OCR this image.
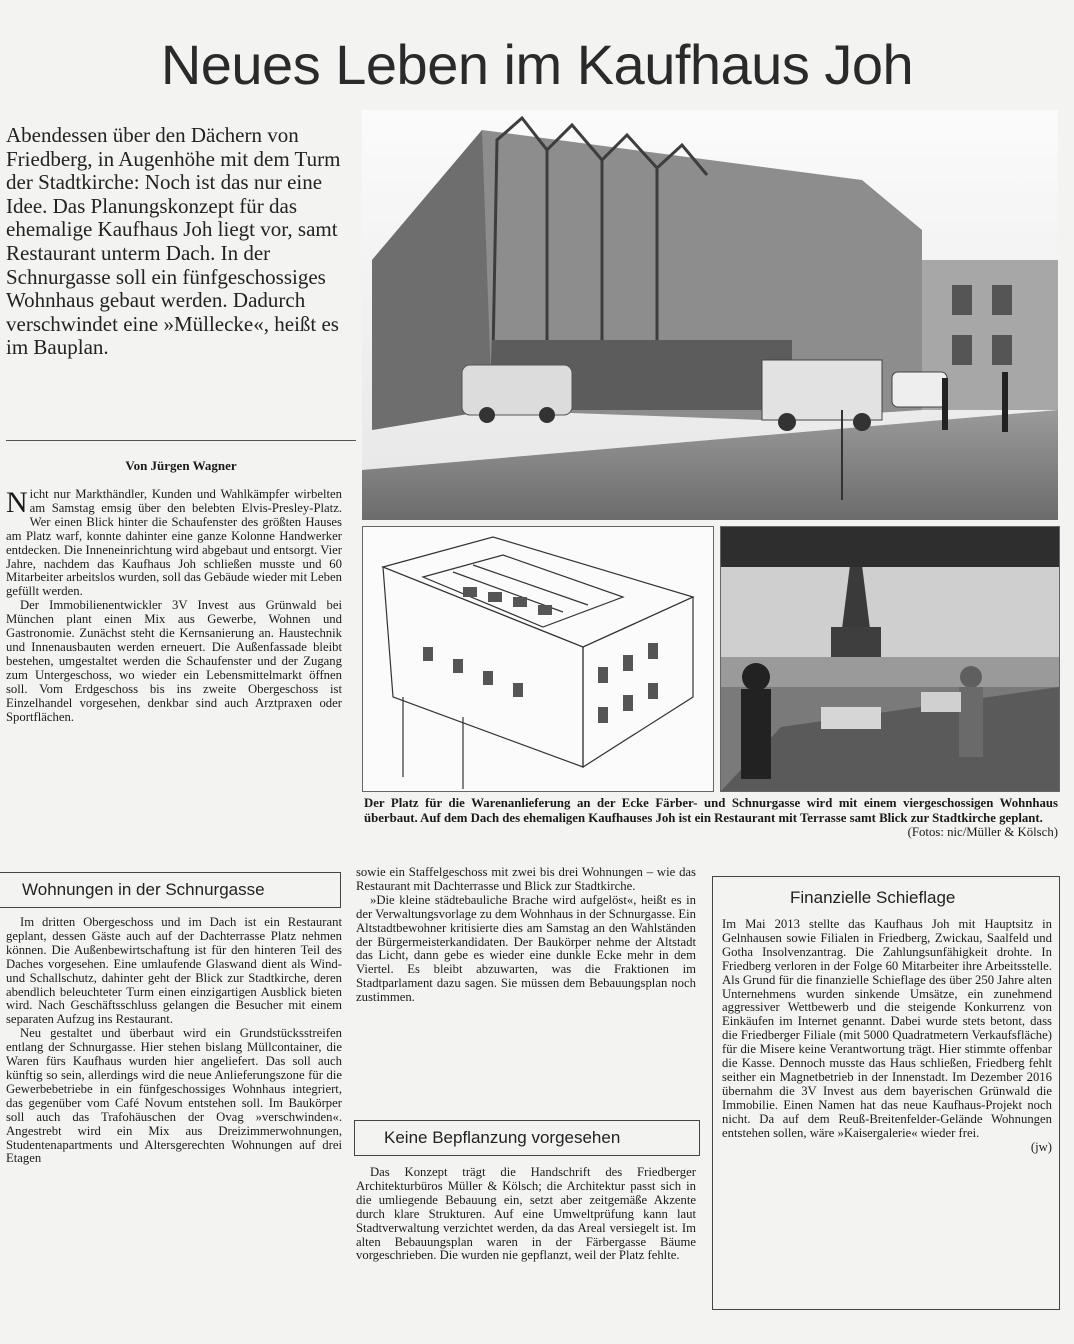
Neues Leben im Kaufhaus Joh

Abendessen über den Dächern von Friedberg, in Augenhöhe mit dem Turm der Stadtkirche: Noch ist das nur eine Idee. Das Planungskonzept für das ehemalige Kaufhaus Joh liegt vor, samt Restaurant unterm Dach. In der Schnurgasse soll ein fünfgeschossiges Wohnhaus gebaut werden. Dadurch verschwindet eine »Müllecke«, heißt es im Bauplan.

Von Jürgen Wagner
Der Platz für die Warenanlieferung an der Ecke Färber- und Schnurgasse wird mit einem viergeschossigen Wohnhaus überbaut. Auf dem Dach des ehemaligen Kaufhauses Joh ist ein Restaurant mit Terrasse samt Blick zur Stadtkirche geplant.
(Fotos: nic/Müller & Kölsch)

Nicht nur Markthändler, Kunden und Wahlkämpfer wirbelten am Samstag emsig über den belebten Elvis-Presley-Platz. Wer einen Blick hinter die Schaufenster des größten Hauses am Platz warf, konnte dahinter eine ganze Kolonne Handwerker entdecken. Die Inneneinrichtung wird abgebaut und entsorgt. Vier Jahre, nachdem das Kaufhaus Joh schließen musste und 60 Mitarbeiter arbeitslos wurden, soll das Gebäude wieder mit Leben gefüllt werden.

Der Immobilienentwickler 3V Invest aus Grünwald bei München plant einen Mix aus Gewerbe, Wohnen und Gastronomie. Zunächst steht die Kernsanierung an. Haustechnik und Innenausbauten werden erneuert. Die Außenfassade bleibt bestehen, umgestaltet werden die Schaufenster und der Zugang zum Untergeschoss, wo wieder ein Lebensmittelmarkt öffnen soll. Vom Erdgeschoss bis ins zweite Obergeschoss ist Einzelhandel vorgesehen, denkbar sind auch Arztpraxen oder Sportflächen.

Wohnungen in der Schnurgasse

Im dritten Obergeschoss und im Dach ist ein Restaurant geplant, dessen Gäste auch auf der Dachterrasse Platz nehmen können. Die Außenbewirtschaftung ist für den hinteren Teil des Daches vorgesehen. Eine umlaufende Glaswand dient als Wind- und Schallschutz, dahinter geht der Blick zur Stadtkirche, deren abendlich beleuchteter Turm einen einzigartigen Ausblick bieten wird. Nach Geschäftsschluss gelangen die Besucher mit einem separaten Aufzug ins Restaurant.

Neu gestaltet und überbaut wird ein Grundstücksstreifen entlang der Schnurgasse. Hier stehen bislang Müllcontainer, die Waren fürs Kaufhaus wurden hier angeliefert. Das soll auch künftig so sein, allerdings wird die neue Anlieferungszone für die Gewerbebetriebe in ein fünfgeschossiges Wohnhaus integriert, das gegenüber vom Café Novum entstehen soll. Im Baukörper soll auch das Trafohäuschen der Ovag »verschwinden«. Angestrebt wird ein Mix aus Dreizimmerwohnungen, Studentenapartments und Altersgerechten Wohnungen auf drei Etagen

sowie ein Staffelgeschoss mit zwei bis drei Wohnungen – wie das Restaurant mit Dachterrasse und Blick zur Stadtkirche.

»Die kleine städtebauliche Brache wird aufgelöst«, heißt es in der Verwaltungsvorlage zu dem Wohnhaus in der Schnurgasse. Ein Altstadtbewohner kritisierte dies am Samstag an den Wahlständen der Bürgermeisterkandidaten. Der Baukörper nehme der Altstadt das Licht, dann gebe es wieder eine dunkle Ecke mehr in dem Viertel. Es bleibt abzuwarten, was die Fraktionen im Stadtparlament dazu sagen. Sie müssen dem Bebauungsplan noch zustimmen.

Keine Bepflanzung vorgesehen

Das Konzept trägt die Handschrift des Friedberger Architekturbüros Müller & Kölsch; die Architektur passt sich in die umliegende Bebauung ein, setzt aber zeitgemäße Akzente durch klare Strukturen. Auf eine Umweltprüfung kann laut Stadtverwaltung verzichtet werden, da das Areal versiegelt ist. Im alten Bebauungsplan waren in der Färbergasse Bäume vorgeschrieben. Die wurden nie gepflanzt, weil der Platz fehlte.

Finanzielle Schieflage

Im Mai 2013 stellte das Kaufhaus Joh mit Hauptsitz in Gelnhausen sowie Filialen in Friedberg, Zwickau, Saalfeld und Gotha Insolvenzantrag. Die Zahlungsunfähigkeit drohte. In Friedberg verloren in der Folge 60 Mitarbeiter ihre Arbeitsstelle. Als Grund für die finanzielle Schieflage des über 250 Jahre alten Unternehmens wurden sinkende Umsätze, ein zunehmend aggressiver Wettbewerb und die steigende Konkurrenz von Einkäufen im Internet genannt. Dabei wurde stets betont, dass die Friedberger Filiale (mit 5000 Quadratmetern Verkaufsfläche) für die Misere keine Verantwortung trägt. Hier stimmte offenbar die Kasse. Dennoch musste das Haus schließen, Friedberg fehlt seither ein Magnetbetrieb in der Innenstadt. Im Dezember 2016 übernahm die 3V Invest aus dem bayerischen Grünwald die Immobilie. Einen Namen hat das neue Kaufhaus-Projekt noch nicht. Da auf dem Reuß-Breitenfelder-Gelände Wohnungen entstehen sollen, wäre »Kaisergalerie« wieder frei.

(jw)
